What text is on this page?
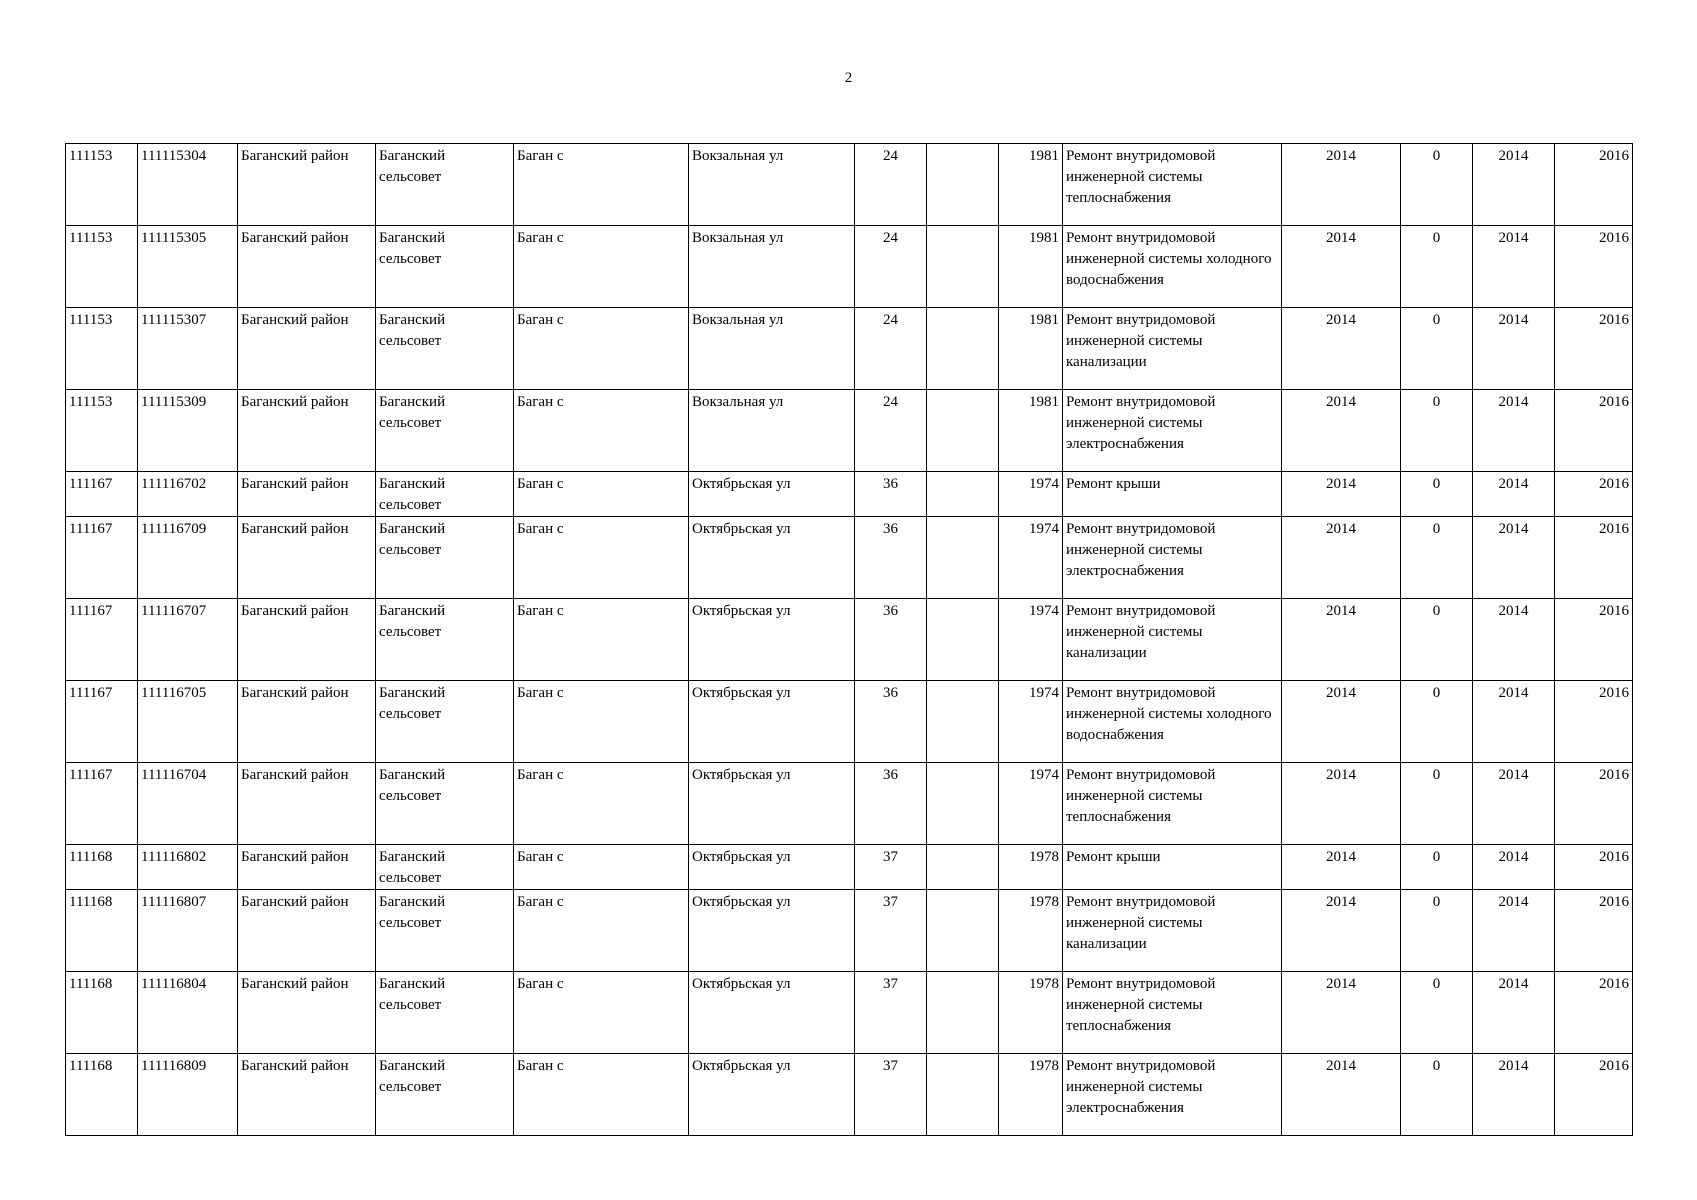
2
111153	111115304	Баганский район	Баганский сельсовет	Баган с	Вокзальная ул	24		1981	Ремонт внутридомовой инженерной системы теплоснабжения	2014	0	2014	2016
111153	111115305	Баганский район	Баганский сельсовет	Баган с	Вокзальная ул	24		1981	Ремонт внутридомовой инженерной системы холодного водоснабжения	2014	0	2014	2016
111153	111115307	Баганский район	Баганский сельсовет	Баган с	Вокзальная ул	24		1981	Ремонт внутридомовой инженерной системы канализации	2014	0	2014	2016
111153	111115309	Баганский район	Баганский сельсовет	Баган с	Вокзальная ул	24		1981	Ремонт внутридомовой инженерной системы электроснабжения	2014	0	2014	2016
111167	111116702	Баганский район	Баганский сельсовет	Баган с	Октябрьская ул	36		1974	Ремонт крыши	2014	0	2014	2016
111167	111116709	Баганский район	Баганский сельсовет	Баган с	Октябрьская ул	36		1974	Ремонт внутридомовой инженерной системы электроснабжения	2014	0	2014	2016
111167	111116707	Баганский район	Баганский сельсовет	Баган с	Октябрьская ул	36		1974	Ремонт внутридомовой инженерной системы канализации	2014	0	2014	2016
111167	111116705	Баганский район	Баганский сельсовет	Баган с	Октябрьская ул	36		1974	Ремонт внутридомовой инженерной системы холодного водоснабжения	2014	0	2014	2016
111167	111116704	Баганский район	Баганский сельсовет	Баган с	Октябрьская ул	36		1974	Ремонт внутридомовой инженерной системы теплоснабжения	2014	0	2014	2016
111168	111116802	Баганский район	Баганский сельсовет	Баган с	Октябрьская ул	37		1978	Ремонт крыши	2014	0	2014	2016
111168	111116807	Баганский район	Баганский сельсовет	Баган с	Октябрьская ул	37		1978	Ремонт внутридомовой инженерной системы канализации	2014	0	2014	2016
111168	111116804	Баганский район	Баганский сельсовет	Баган с	Октябрьская ул	37		1978	Ремонт внутридомовой инженерной системы теплоснабжения	2014	0	2014	2016
111168	111116809	Баганский район	Баганский сельсовет	Баган с	Октябрьская ул	37		1978	Ремонт внутридомовой инженерной системы электроснабжения	2014	0	2014	2016
